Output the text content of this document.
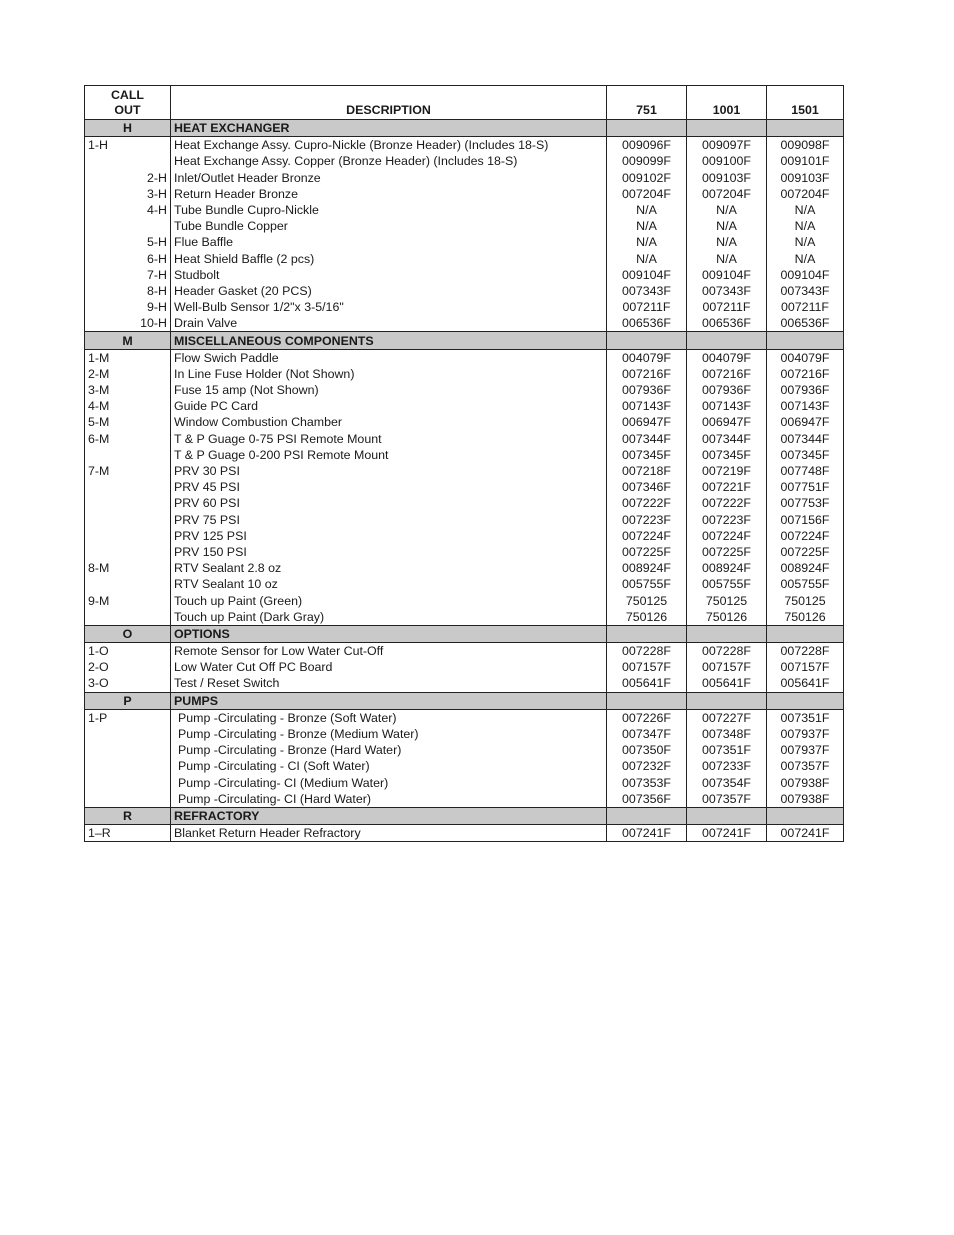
CALL
OUT	DESCRIPTION	751	1001	1501
H	HEAT EXCHANGER			
1-H	Heat Exchange Assy. Cupro-Nickle (Bronze Header) (Includes 18-S)	009096F	009097F	009098F
	Heat Exchange Assy. Copper (Bronze Header) (Includes 18-S)	009099F	009100F	009101F
2-H	Inlet/Outlet Header Bronze	009102F	009103F	009103F
3-H	Return Header Bronze	007204F	007204F	007204F
4-H	Tube Bundle Cupro-Nickle	N/A	N/A	N/A
	Tube Bundle Copper	N/A	N/A	N/A
5-H	Flue Baffle	N/A	N/A	N/A
6-H	Heat Shield Baffle (2 pcs)	N/A	N/A	N/A
7-H	Studbolt	009104F	009104F	009104F
8-H	Header Gasket (20 PCS)	007343F	007343F	007343F
9-H	Well-Bulb Sensor 1/2"x 3-5/16"	007211F	007211F	007211F
10-H	Drain Valve	006536F	006536F	006536F
M	MISCELLANEOUS COMPONENTS			
1-M	Flow Swich Paddle	004079F	004079F	004079F
2-M	In Line Fuse Holder (Not Shown)	007216F	007216F	007216F
3-M	Fuse 15 amp (Not Shown)	007936F	007936F	007936F
4-M	Guide PC Card	007143F	007143F	007143F
5-M	Window Combustion Chamber	006947F	006947F	006947F
6-M	T & P Guage 0-75 PSI Remote Mount	007344F	007344F	007344F
	T & P Guage 0-200 PSI Remote Mount	007345F	007345F	007345F
7-M	PRV 30 PSI	007218F	007219F	007748F
	PRV 45 PSI	007346F	007221F	007751F
	PRV 60 PSI	007222F	007222F	007753F
	PRV 75 PSI	007223F	007223F	007156F
	PRV 125 PSI	007224F	007224F	007224F
	PRV 150 PSI	007225F	007225F	007225F
8-M	RTV Sealant 2.8 oz	008924F	008924F	008924F
	RTV Sealant 10 oz	005755F	005755F	005755F
9-M	Touch up Paint (Green)	750125	750125	750125
	Touch up Paint (Dark Gray)	750126	750126	750126
O	OPTIONS			
1-O	Remote Sensor for Low Water Cut-Off	007228F	007228F	007228F
2-O	Low Water Cut Off PC Board	007157F	007157F	007157F
3-O	Test / Reset Switch	005641F	005641F	005641F
P	PUMPS			
1-P	Pump -Circulating - Bronze (Soft Water)	007226F	007227F	007351F
	Pump -Circulating - Bronze (Medium Water)	007347F	007348F	007937F
	Pump -Circulating - Bronze (Hard Water)	007350F	007351F	007937F
	Pump -Circulating - CI (Soft Water)	007232F	007233F	007357F
	Pump -Circulating- CI (Medium Water)	007353F	007354F	007938F
	Pump -Circulating- CI (Hard Water)	007356F	007357F	007938F
R	REFRACTORY			
1–R	Blanket Return Header Refractory	007241F	007241F	007241F
